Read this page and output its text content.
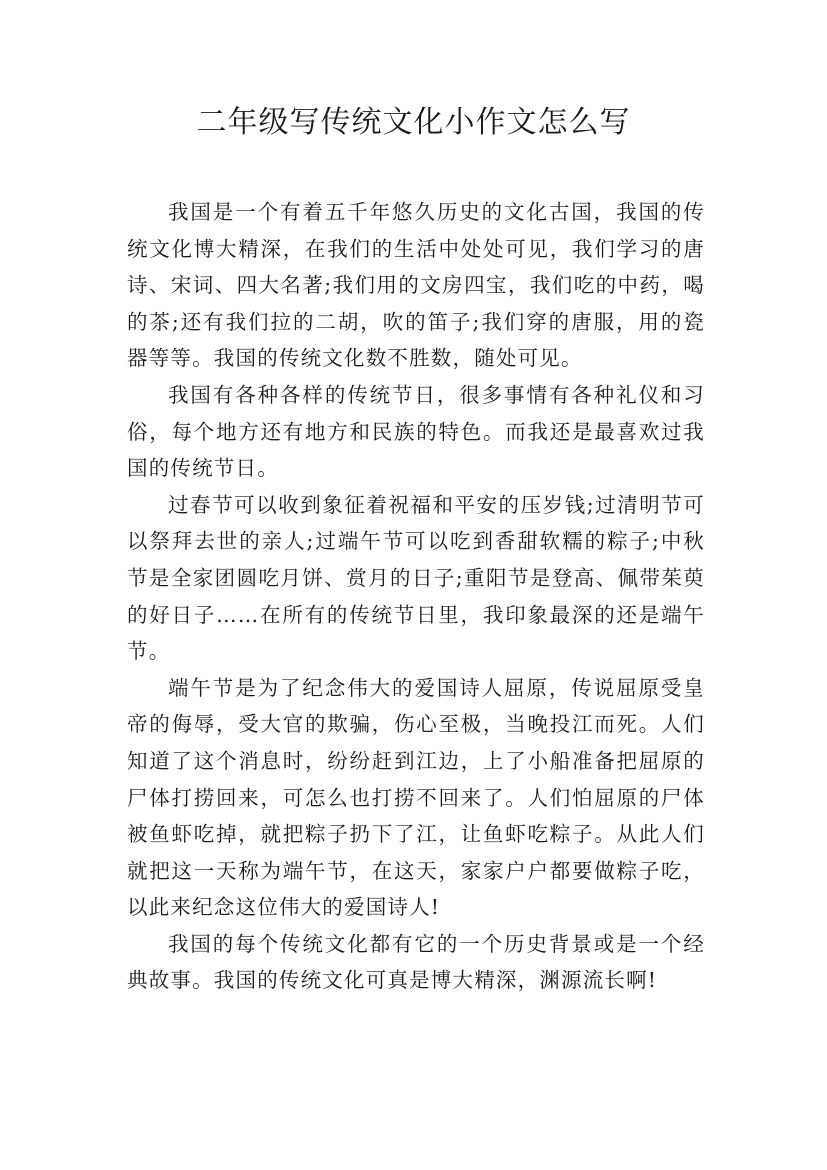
二年级写传统文化小作文怎么写

我国是一个有着五千年悠久历史的文化古国，我国的传统文化博大精深，在我们的生活中处处可见，我们学习的唐诗、宋词、四大名著;我们用的文房四宝，我们吃的中药，喝的茶;还有我们拉的二胡，吹的笛子;我们穿的唐服，用的瓷器等等。我国的传统文化数不胜数，随处可见。

我国有各种各样的传统节日，很多事情有各种礼仪和习俗，每个地方还有地方和民族的特色。而我还是最喜欢过我国的传统节日。

过春节可以收到象征着祝福和平安的压岁钱;过清明节可以祭拜去世的亲人;过端午节可以吃到香甜软糯的粽子;中秋节是全家团圆吃月饼、赏月的日子;重阳节是登高、佩带茱萸的好日子……在所有的传统节日里，我印象最深的还是端午节。

端午节是为了纪念伟大的爱国诗人屈原，传说屈原受皇帝的侮辱，受大官的欺骗，伤心至极，当晚投江而死。人们知道了这个消息时，纷纷赶到江边，上了小船准备把屈原的尸体打捞回来，可怎么也打捞不回来了。人们怕屈原的尸体被鱼虾吃掉，就把粽子扔下了江，让鱼虾吃粽子。从此人们就把这一天称为端午节，在这天，家家户户都要做粽子吃，以此来纪念这位伟大的爱国诗人!

我国的每个传统文化都有它的一个历史背景或是一个经典故事。我国的传统文化可真是博大精深，渊源流长啊!
